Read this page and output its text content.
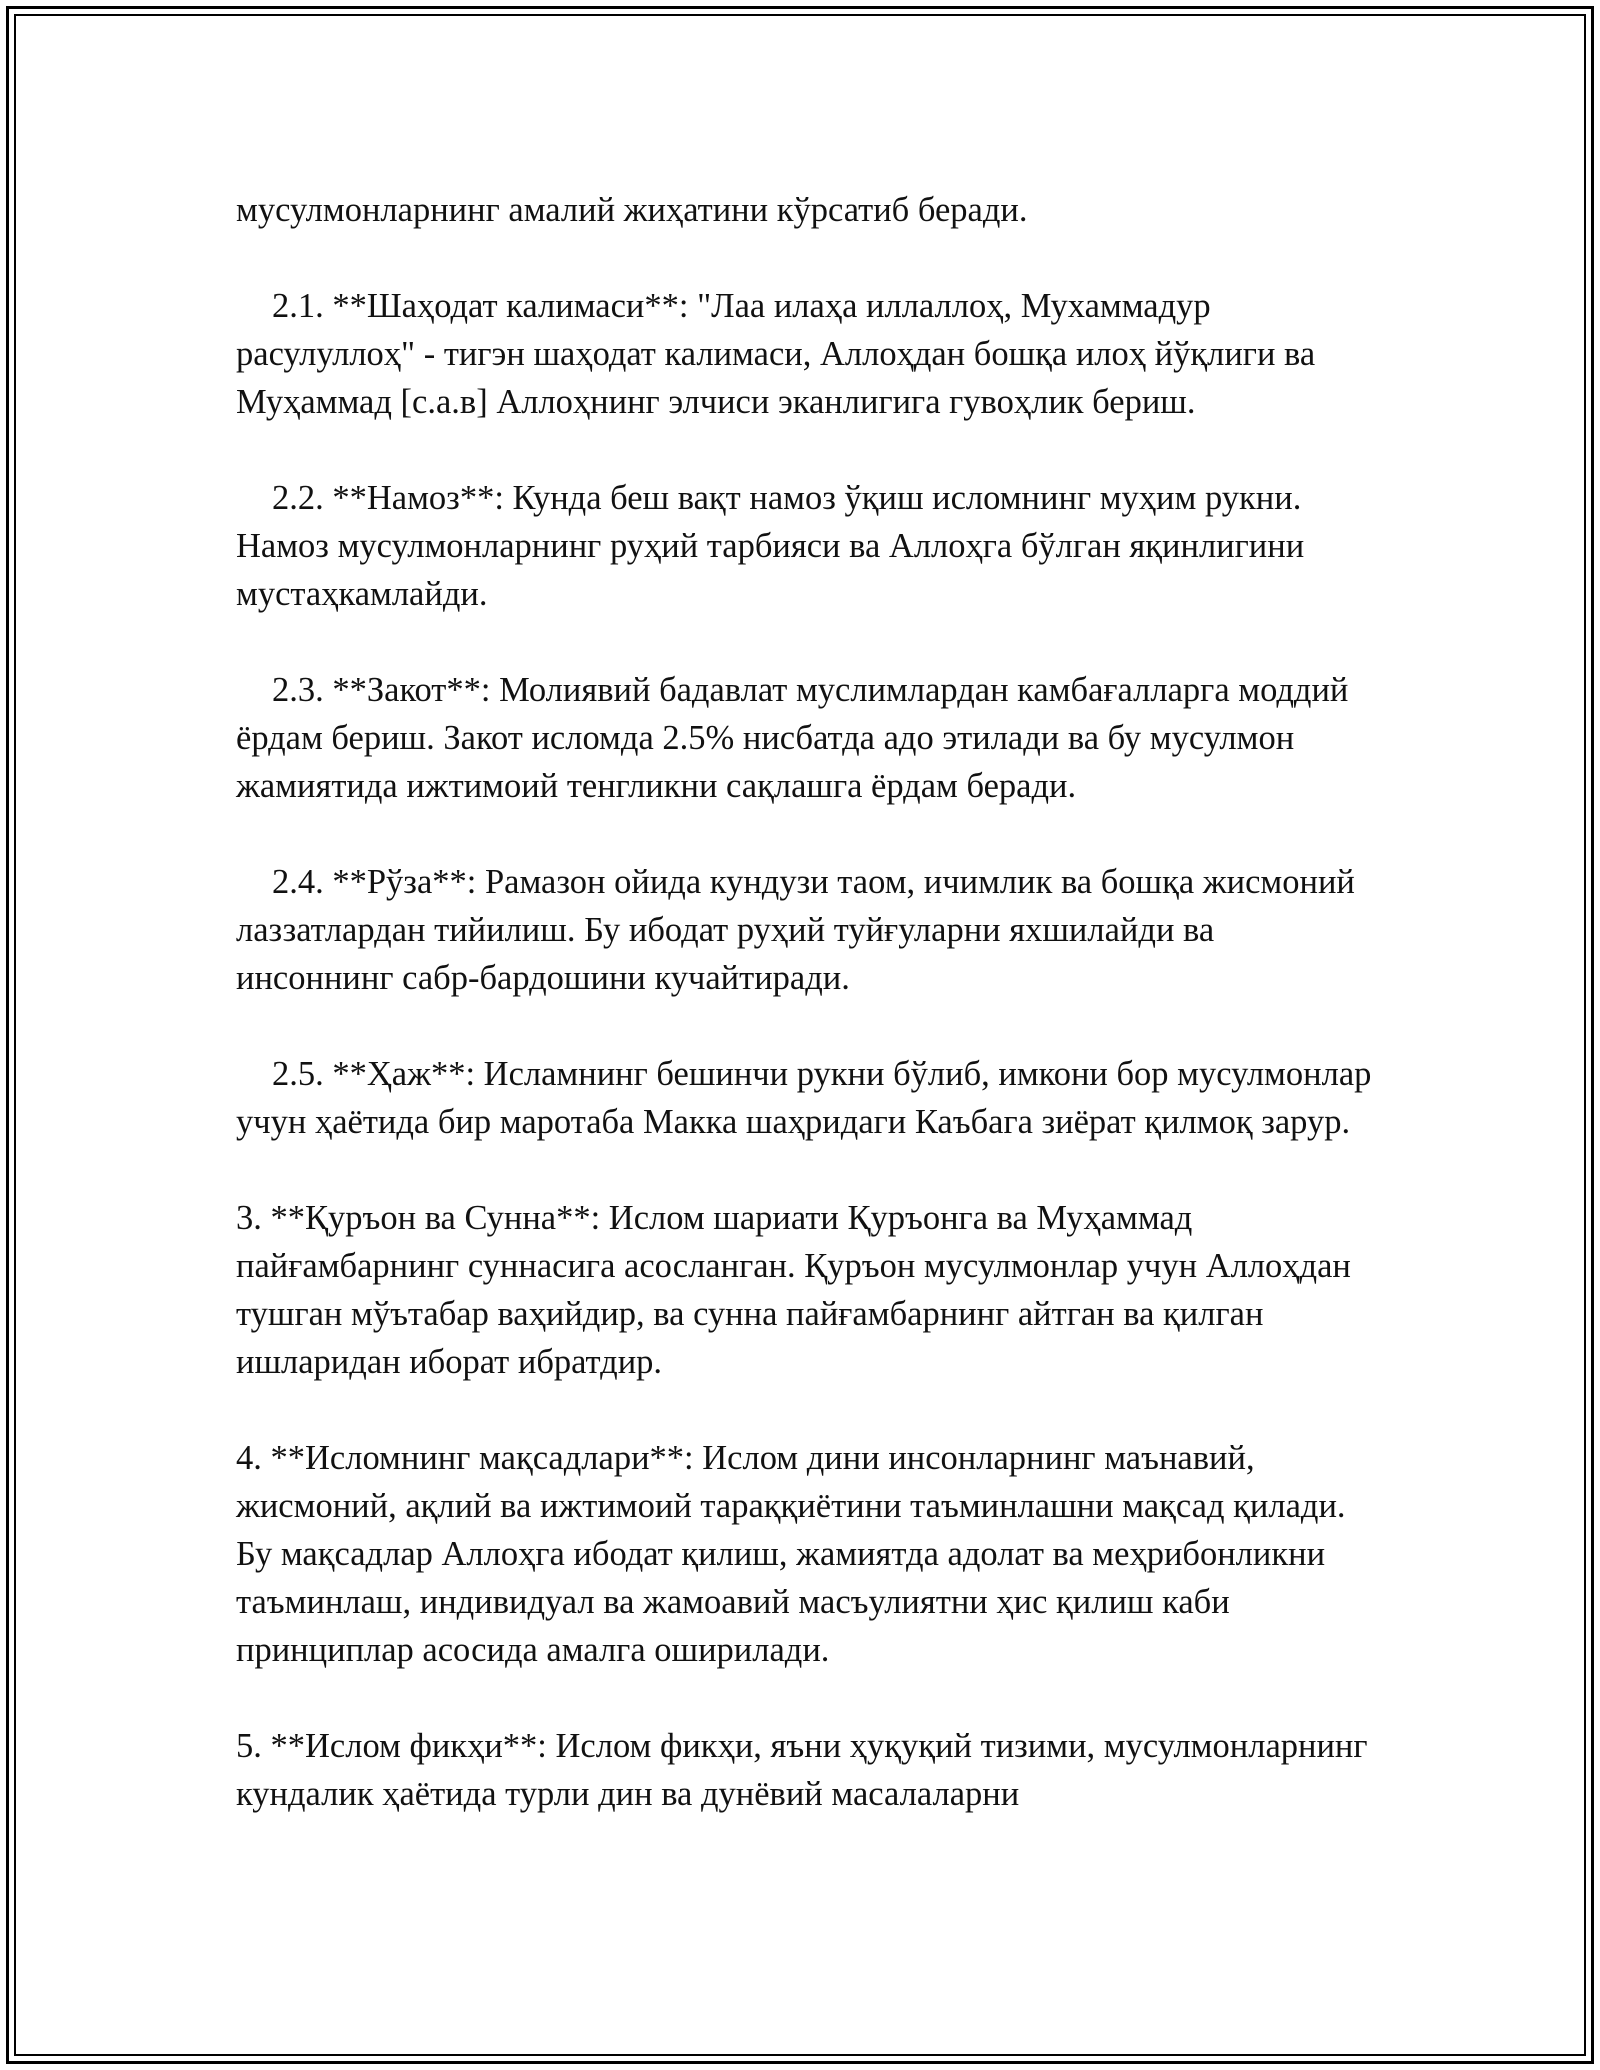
мусулмонларнинг амалий жиҳатини кўрсатиб беради.

2.1. **Шаҳодат калимаси**: "Лаа илаҳа иллаллоҳ, Мухаммадур расулуллоҳ" - тигэн шаҳодат калимаси, Аллоҳдан бошқа илоҳ йўқлиги ва Муҳаммад [с.а.в] Аллоҳнинг элчиси эканлигига гувоҳлик бериш.

2.2. **Намоз**: Кунда беш вақт намоз ўқиш исломнинг муҳим рукни. Намоз мусулмонларнинг руҳий тарбияси ва Аллоҳга бўлган яқинлигини мустаҳкамлайди.

2.3. **Закот**: Молиявий бадавлат муслимлардан камбағалларга моддий ёрдам бериш. Закот исломда 2.5% нисбатда адо этилади ва бу мусулмон жамиятида ижтимоий тенгликни сақлашга ёрдам беради.

2.4. **Рўза**: Рамазон ойида кундузи таом, ичимлик ва бошқа жисмоний лаззатлардан тийилиш. Бу ибодат руҳий туйғуларни яхшилайди ва инсоннинг сабр-бардошини кучайтиради.

2.5. **Ҳаж**: Исламнинг бешинчи рукни бўлиб, имкони бор мусулмонлар учун ҳаётида бир маротаба Макка шаҳридаги Каъбага зиёрат қилмоқ зарур.

3. **Қуръон ва Сунна**: Ислом шариати Қуръонга ва Муҳаммад пайғамбарнинг суннасига асосланган. Қуръон мусулмонлар учун Аллоҳдан тушган мўътабар ваҳийдир, ва сунна пайғамбарнинг айтган ва қилган ишларидан иборат ибратдир.

4. **Исломнинг мақсадлари**: Ислом дини инсонларнинг маънавий, жисмоний, ақлий ва ижтимоий тараққиётини таъминлашни мақсад қилади. Бу мақсадлар Аллоҳга ибодат қилиш, жамиятда адолат ва меҳрибонликни таъминлаш, индивидуал ва жамоавий масъулиятни ҳис қилиш каби принциплар асосида амалга оширилади.

5. **Ислом фикҳи**: Ислом фикҳи, яъни ҳуқуқий тизими, мусулмонларнинг кундалик ҳаётида турли дин ва дунёвий масалаларни
